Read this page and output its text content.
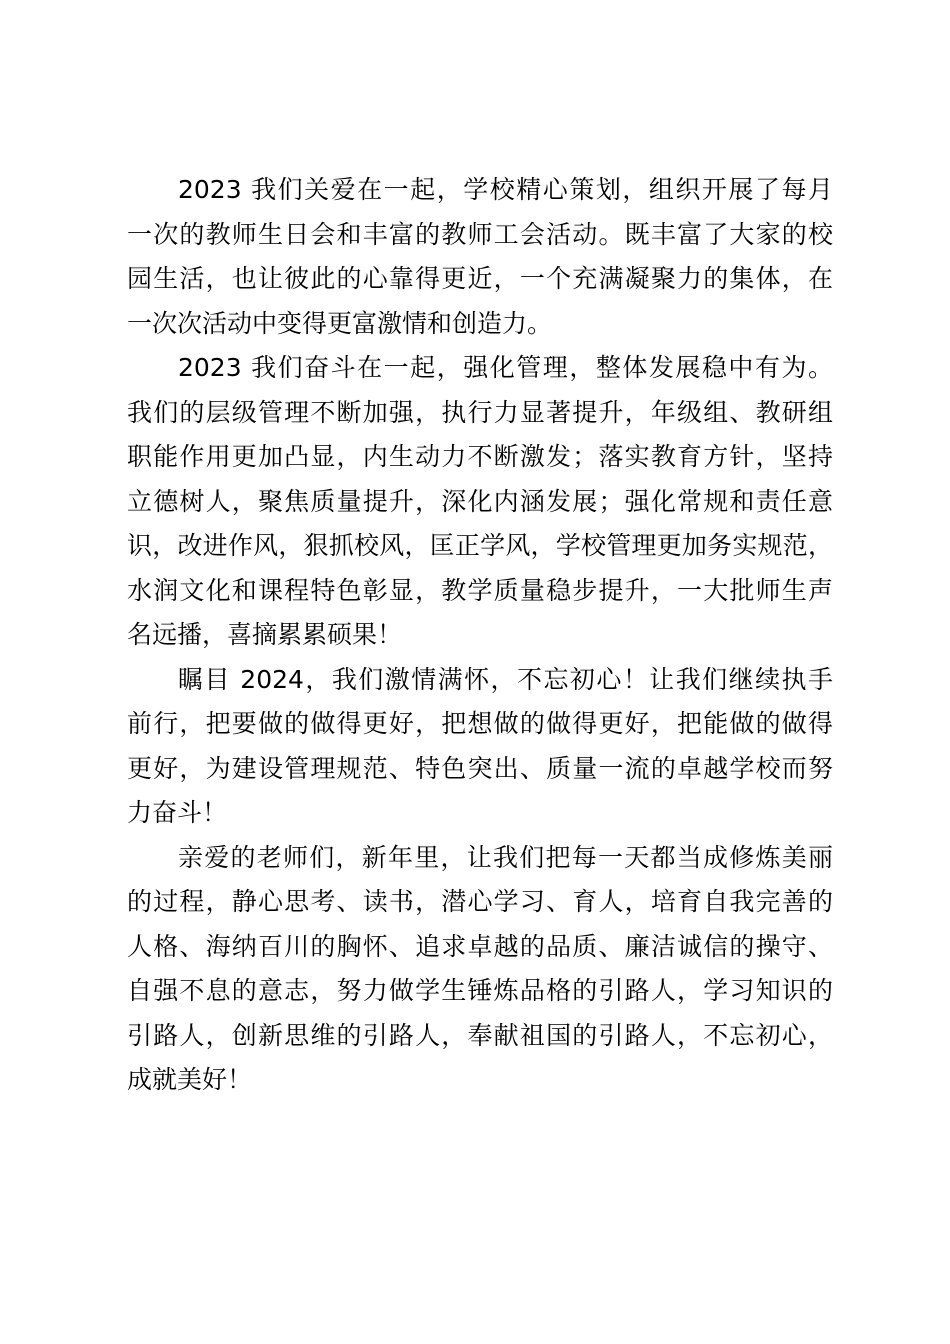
2023 我们关爱在一起，学校精心策划，组织开展了每月
一次的教师生日会和丰富的教师工会活动。既丰富了大家的校
园生活，也让彼此的心靠得更近，一个充满凝聚力的集体，在
一次次活动中变得更富激情和创造力。

2023 我们奋斗在一起，强化管理，整体发展稳中有为。
我们的层级管理不断加强，执行力显著提升，年级组、教研组
职能作用更加凸显，内生动力不断激发；落实教育方针，坚持
立德树人，聚焦质量提升，深化内涵发展；强化常规和责任意
识，改进作风，狠抓校风，匡正学风，学校管理更加务实规范，
水润文化和课程特色彰显，教学质量稳步提升，一大批师生声
名远播，喜摘累累硕果！

瞩目 2024，我们激情满怀，不忘初心！让我们继续执手
前行，把要做的做得更好，把想做的做得更好，把能做的做得
更好，为建设管理规范、特色突出、质量一流的卓越学校而努
力奋斗！

亲爱的老师们，新年里，让我们把每一天都当成修炼美丽
的过程，静心思考、读书，潜心学习、育人，培育自我完善的
人格、海纳百川的胸怀、追求卓越的品质、廉洁诚信的操守、
自强不息的意志，努力做学生锤炼品格的引路人，学习知识的
引路人，创新思维的引路人，奉献祖国的引路人，不忘初心，
成就美好！
